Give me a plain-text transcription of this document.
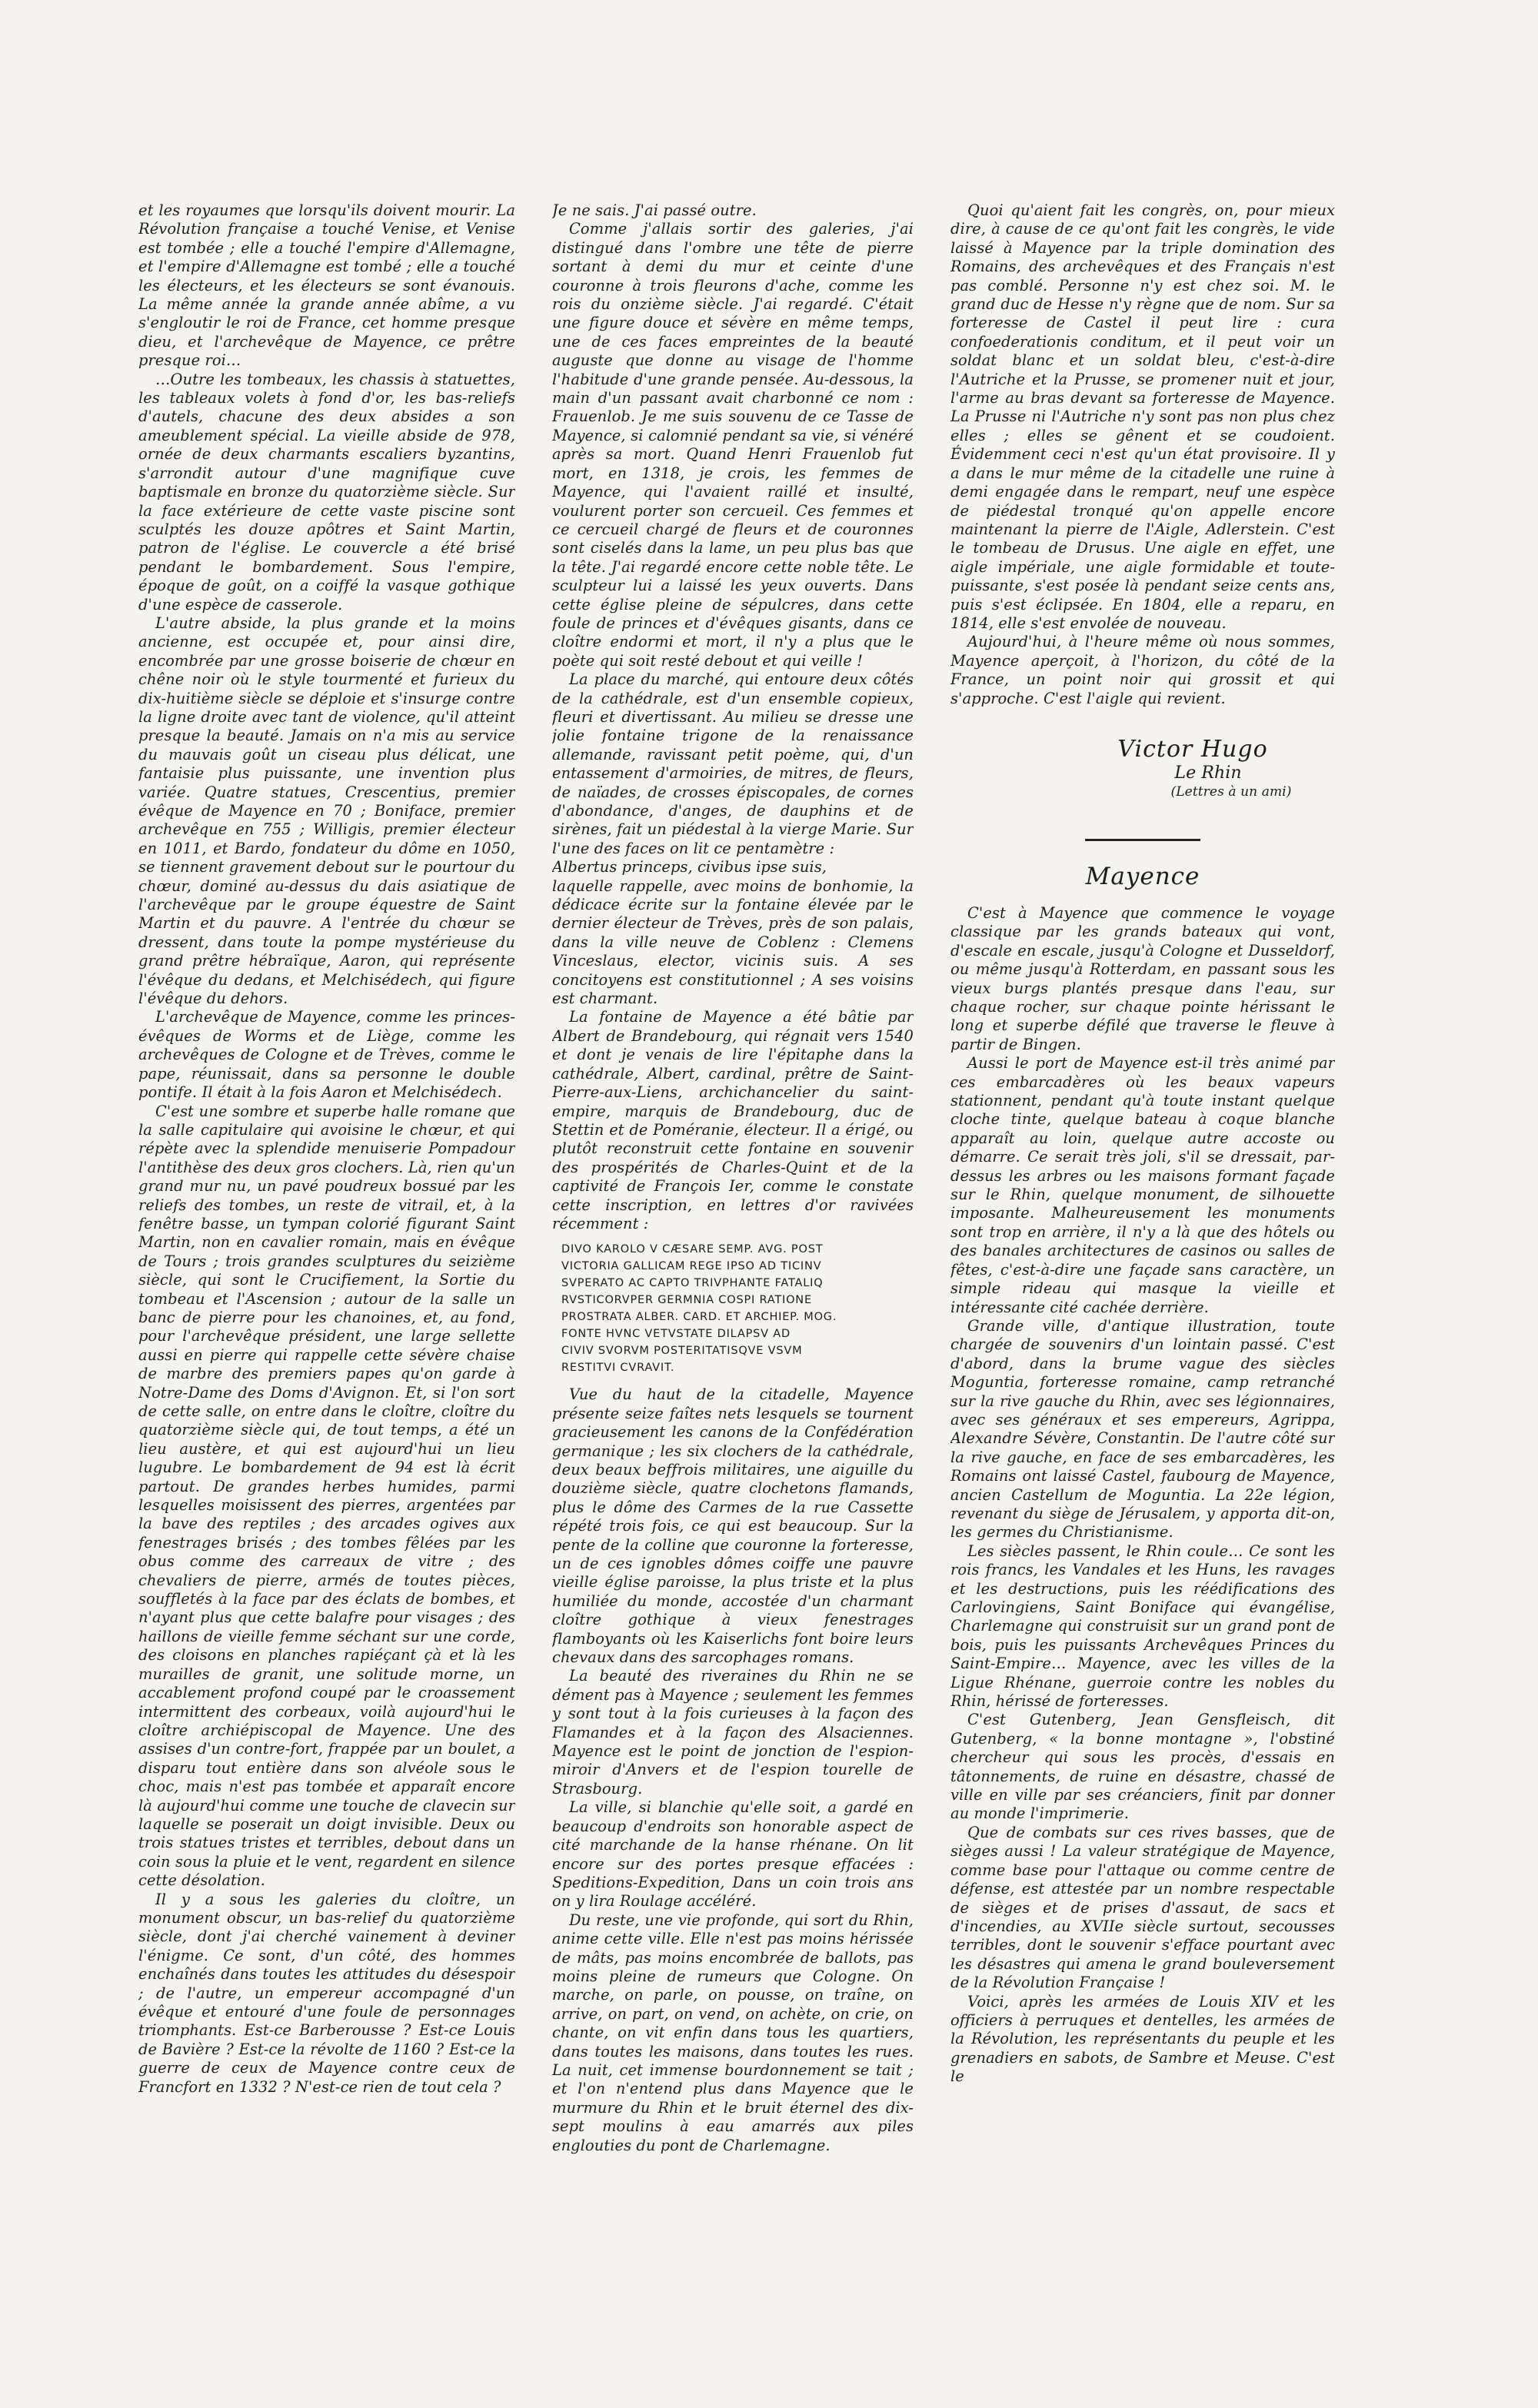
et les royaumes que lorsqu'ils doivent mourir. La Révolution française a touché Venise, et Venise est tombée ; elle a touché l'empire d'Allemagne, et l'empire d'Allemagne est tombé ; elle a touché les électeurs, et les électeurs se sont évanouis. La même année la grande année abîme, a vu s'engloutir le roi de France, cet homme presque dieu, et l'archevêque de Mayence, ce prêtre presque roi…

…Outre les tombeaux, les chassis à statuettes, les tableaux volets à fond d'or, les bas-reliefs d'autels, chacune des deux absides a son ameublement spécial. La vieille abside de 978, ornée de deux charmants escaliers byzantins, s'arrondit autour d'une magnifique cuve baptismale en bronze du quatorzième siècle. Sur la face extérieure de cette vaste piscine sont sculptés les douze apôtres et Saint Martin, patron de l'église. Le couvercle a été brisé pendant le bombardement. Sous l'empire, époque de goût, on a coiffé la vasque gothique d'une espèce de casserole.

L'autre abside, la plus grande et la moins ancienne, est occupée et, pour ainsi dire, encombrée par une grosse boiserie de chœur en chêne noir où le style tourmenté et furieux du dix-huitième siècle se déploie et s'insurge contre la ligne droite avec tant de violence, qu'il atteint presque la beauté. Jamais on n'a mis au service du mauvais goût un ciseau plus délicat, une fantaisie plus puissante, une invention plus variée. Quatre statues, Crescentius, premier évêque de Mayence en 70 ; Boniface, premier archevêque en 755 ; Willigis, premier électeur en 1011, et Bardo, fondateur du dôme en 1050, se tiennent gravement debout sur le pourtour du chœur, dominé au-dessus du dais asiatique de l'archevêque par le groupe équestre de Saint Martin et du pauvre. A l'entrée du chœur se dressent, dans toute la pompe mystérieuse du grand prêtre hébraïque, Aaron, qui représente l'évêque du dedans, et Melchisédech, qui figure l'évêque du dehors.

L'archevêque de Mayence, comme les princes-évêques de Worms et de Liège, comme les archevêques de Cologne et de Trèves, comme le pape, réunissait, dans sa personne le double pontife. Il était à la fois Aaron et Melchisédech.

C'est une sombre et superbe halle romane que la salle capitulaire qui avoisine le chœur, et qui répète avec la splendide menuiserie Pompadour l'antithèse des deux gros clochers. Là, rien qu'un grand mur nu, un pavé poudreux bossué par les reliefs des tombes, un reste de vitrail, et, à la fenêtre basse, un tympan colorié figurant Saint Martin, non en cavalier romain, mais en évêque de Tours ; trois grandes sculptures du seizième siècle, qui sont le Crucifiement, la Sortie du tombeau et l'Ascension ; autour de la salle un banc de pierre pour les chanoines, et, au fond, pour l'archevêque président, une large sellette aussi en pierre qui rappelle cette sévère chaise de marbre des premiers papes qu'on garde à Notre-Dame des Doms d'Avignon. Et, si l'on sort de cette salle, on entre dans le cloître, cloître du quatorzième siècle qui, de tout temps, a été un lieu austère, et qui est aujourd'hui un lieu lugubre. Le bombardement de 94 est là écrit partout. De grandes herbes humides, parmi lesquelles moisissent des pierres, argentées par la bave des reptiles ; des arcades ogives aux fenestrages brisés ; des tombes fêlées par les obus comme des carreaux de vitre ; des chevaliers de pierre, armés de toutes pièces, souffletés à la face par des éclats de bombes, et n'ayant plus que cette balafre pour visages ; des haillons de vieille femme séchant sur une corde, des cloisons en planches rapiéçant çà et là les murailles de granit, une solitude morne, un accablement profond coupé par le croassement intermittent des corbeaux, voilà aujourd'hui le cloître archiépiscopal de Mayence. Une des assises d'un contre-fort, frappée par un boulet, a disparu tout entière dans son alvéole sous le choc, mais n'est pas tombée et apparaît encore là aujourd'hui comme une touche de clavecin sur laquelle se poserait un doigt invisible. Deux ou trois statues tristes et terribles, debout dans un coin sous la pluie et le vent, regardent en silence cette désolation.

Il y a sous les galeries du cloître, un monument obscur, un bas-relief du quatorzième siècle, dont j'ai cherché vainement à deviner l'énigme. Ce sont, d'un côté, des hommes enchaînés dans toutes les attitudes du désespoir ; de l'autre, un empereur accompagné d'un évêque et entouré d'une foule de personnages triomphants. Est-ce Barberousse ? Est-ce Louis de Bavière ? Est-ce la révolte de 1160 ? Est-ce la guerre de ceux de Mayence contre ceux de Francfort en 1332 ? N'est-ce rien de tout cela ?

Je ne sais. J'ai passé outre.

Comme j'allais sortir des galeries, j'ai distingué dans l'ombre une tête de pierre sortant à demi du mur et ceinte d'une couronne à trois fleurons d'ache, comme les rois du onzième siècle. J'ai regardé. C'était une figure douce et sévère en même temps, une de ces faces empreintes de la beauté auguste que donne au visage de l'homme l'habitude d'une grande pensée. Au-dessous, la main d'un passant avait charbonné ce nom : Frauenlob. Je me suis souvenu de ce Tasse de Mayence, si calomnié pendant sa vie, si vénéré après sa mort. Quand Henri Frauenlob fut mort, en 1318, je crois, les femmes de Mayence, qui l'avaient raillé et insulté, voulurent porter son cercueil. Ces femmes et ce cercueil chargé de fleurs et de couronnes sont ciselés dans la lame, un peu plus bas que la tête. J'ai regardé encore cette noble tête. Le sculpteur lui a laissé les yeux ouverts. Dans cette église pleine de sépulcres, dans cette foule de princes et d'évêques gisants, dans ce cloître endormi et mort, il n'y a plus que le poète qui soit resté debout et qui veille !

La place du marché, qui entoure deux côtés de la cathédrale, est d'un ensemble copieux, fleuri et divertissant. Au milieu se dresse une jolie fontaine trigone de la renaissance allemande, ravissant petit poème, qui, d'un entassement d'armoiries, de mitres, de fleurs, de naïades, de crosses épiscopales, de cornes d'abondance, d'anges, de dauphins et de sirènes, fait un piédestal à la vierge Marie. Sur l'une des faces on lit ce pentamètre :

Albertus princeps, civibus ipse suis,

laquelle rappelle, avec moins de bonhomie, la dédicace écrite sur la fontaine élevée par le dernier électeur de Trèves, près de son palais, dans la ville neuve de Coblenz : Clemens Vinceslaus, elector, vicinis suis. A ses concitoyens est constitutionnel ; A ses voisins est charmant.

La fontaine de Mayence a été bâtie par Albert de Brandebourg, qui régnait vers 1540 et dont je venais de lire l'épitaphe dans la cathédrale, Albert, cardinal, prêtre de Saint-Pierre-aux-Liens, archichancelier du saint-empire, marquis de Brandebourg, duc de Stettin et de Poméranie, électeur. Il a érigé, ou plutôt reconstruit cette fontaine en souvenir des prospérités de Charles-Quint et de la captivité de François Ier, comme le constate cette inscription, en lettres d'or ravivées récemment :

DIVO KAROLO V CÆSARE SEMP. AVG. POST
VICTORIA GALLICAM REGE IPSO AD TICINV
SVPERATO AC CAPTO TRIVPHANTE FATALIQ
RVSTICORVPER GERMNIA COSPI RATIONE
PROSTRATA ALBER. CARD. ET ARCHIEP. MOG.
FONTE HVNC VETVSTATE DILAPSV AD
CIVIV SVORVM POSTERITATISQVE VSVM
RESTITVI CVRAVIT.

Vue du haut de la citadelle, Mayence présente seize faîtes nets lesquels se tournent gracieusement les canons de la Confédération germanique ; les six clochers de la cathédrale, deux beaux beffrois militaires, une aiguille du douzième siècle, quatre clochetons flamands, plus le dôme des Carmes de la rue Cassette répété trois fois, ce qui est beaucoup. Sur la pente de la colline que couronne la forteresse, un de ces ignobles dômes coiffe une pauvre vieille église paroisse, la plus triste et la plus humiliée du monde, accostée d'un charmant cloître gothique à vieux fenestrages flamboyants où les Kaiserlichs font boire leurs chevaux dans des sarcophages romans.

La beauté des riveraines du Rhin ne se dément pas à Mayence ; seulement les femmes y sont tout à la fois curieuses à la façon des Flamandes et à la façon des Alsaciennes. Mayence est le point de jonction de l'espion-miroir d'Anvers et de l'espion tourelle de Strasbourg.

La ville, si blanchie qu'elle soit, a gardé en beaucoup d'endroits son honorable aspect de cité marchande de la hanse rhénane. On lit encore sur des portes presque effacées : Speditions-Expedition, Dans un coin trois ans on y lira Roulage accéléré.

Du reste, une vie profonde, qui sort du Rhin, anime cette ville. Elle n'est pas moins hérissée de mâts, pas moins encombrée de ballots, pas moins pleine de rumeurs que Cologne. On marche, on parle, on pousse, on traîne, on arrive, on part, on vend, on achète, on crie, on chante, on vit enfin dans tous les quartiers, dans toutes les maisons, dans toutes les rues. La nuit, cet immense bourdonnement se tait ; et l'on n'entend plus dans Mayence que le murmure du Rhin et le bruit éternel des dix-sept moulins à eau amarrés aux piles englouties du pont de Charlemagne.

Quoi qu'aient fait les congrès, on, pour mieux dire, à cause de ce qu'ont fait les congrès, le vide laissé à Mayence par la triple domination des Romains, des archevêques et des Français n'est pas comblé. Personne n'y est chez soi. M. le grand duc de Hesse n'y règne que de nom. Sur sa forteresse de Castel il peut lire : cura confoederationis conditum, et il peut voir un soldat blanc et un soldat bleu, c'est-à-dire l'Autriche et la Prusse, se promener nuit et jour, l'arme au bras devant sa forteresse de Mayence. La Prusse ni l'Autriche n'y sont pas non plus chez elles ; elles se gênent et se coudoient. Évidemment ceci n'est qu'un état provisoire. Il y a dans le mur même de la citadelle une ruine à demi engagée dans le rempart, neuf une espèce de piédestal tronqué qu'on appelle encore maintenant la pierre de l'Aigle, Adlerstein. C'est le tombeau de Drusus. Une aigle en effet, une aigle impériale, une aigle formidable et toute-puissante, s'est posée là pendant seize cents ans, puis s'est éclipsée. En 1804, elle a reparu, en 1814, elle s'est envolée de nouveau.

Aujourd'hui, à l'heure même où nous sommes, Mayence aperçoit, à l'horizon, du côté de la France, un point noir qui grossit et qui s'approche. C'est l'aigle qui revient.

Victor Hugo
Le Rhin
(Lettres à un ami)
Mayence

C'est à Mayence que commence le voyage classique par les grands bateaux qui vont, d'escale en escale, jusqu'à Cologne et Dusseldorf, ou même jusqu'à Rotterdam, en passant sous les vieux burgs plantés presque dans l'eau, sur chaque rocher, sur chaque pointe hérissant le long et superbe défilé que traverse le fleuve à partir de Bingen.

Aussi le port de Mayence est-il très animé par ces embarcadères où les beaux vapeurs stationnent, pendant qu'à toute instant quelque cloche tinte, quelque bateau à coque blanche apparaît au loin, quelque autre accoste ou démarre. Ce serait très joli, s'il se dressait, par-dessus les arbres ou les maisons formant façade sur le Rhin, quelque monument, de silhouette imposante. Malheureusement les monuments sont trop en arrière, il n'y a là que des hôtels ou des banales architectures de casinos ou salles de fêtes, c'est-à-dire une façade sans caractère, un simple rideau qui masque la vieille et intéressante cité cachée derrière.

Grande ville, d'antique illustration, toute chargée de souvenirs d'un lointain passé. C'est d'abord, dans la brume vague des siècles Moguntia, forteresse romaine, camp retranché sur la rive gauche du Rhin, avec ses légionnaires, avec ses généraux et ses empereurs, Agrippa, Alexandre Sévère, Constantin. De l'autre côté sur la rive gauche, en face de ses embarcadères, les Romains ont laissé Castel, faubourg de Mayence, ancien Castellum de Moguntia. La 22e légion, revenant du siège de Jérusalem, y apporta dit-on, les germes du Christianisme.

Les siècles passent, le Rhin coule… Ce sont les rois francs, les Vandales et les Huns, les ravages et les destructions, puis les réédifications des Carlovingiens, Saint Boniface qui évangélise, Charlemagne qui construisit sur un grand pont de bois, puis les puissants Archevêques Princes du Saint-Empire… Mayence, avec les villes de la Ligue Rhénane, guerroie contre les nobles du Rhin, hérissé de forteresses.

C'est Gutenberg, Jean Gensfleisch, dit Gutenberg, « la bonne montagne », l'obstiné chercheur qui sous les procès, d'essais en tâtonnements, de ruine en désastre, chassé de ville en ville par ses créanciers, finit par donner au monde l'imprimerie.

Que de combats sur ces rives basses, que de sièges aussi ! La valeur stratégique de Mayence, comme base pour l'attaque ou comme centre de défense, est attestée par un nombre respectable de sièges et de prises d'assaut, de sacs et d'incendies, au XVIIe siècle surtout, secousses terribles, dont le souvenir s'efface pourtant avec les désastres qui amena le grand bouleversement de la Révolution Française !

Voici, après les armées de Louis XIV et les officiers à perruques et dentelles, les armées de la Révolution, les représentants du peuple et les grenadiers en sabots, de Sambre et Meuse. C'est le
